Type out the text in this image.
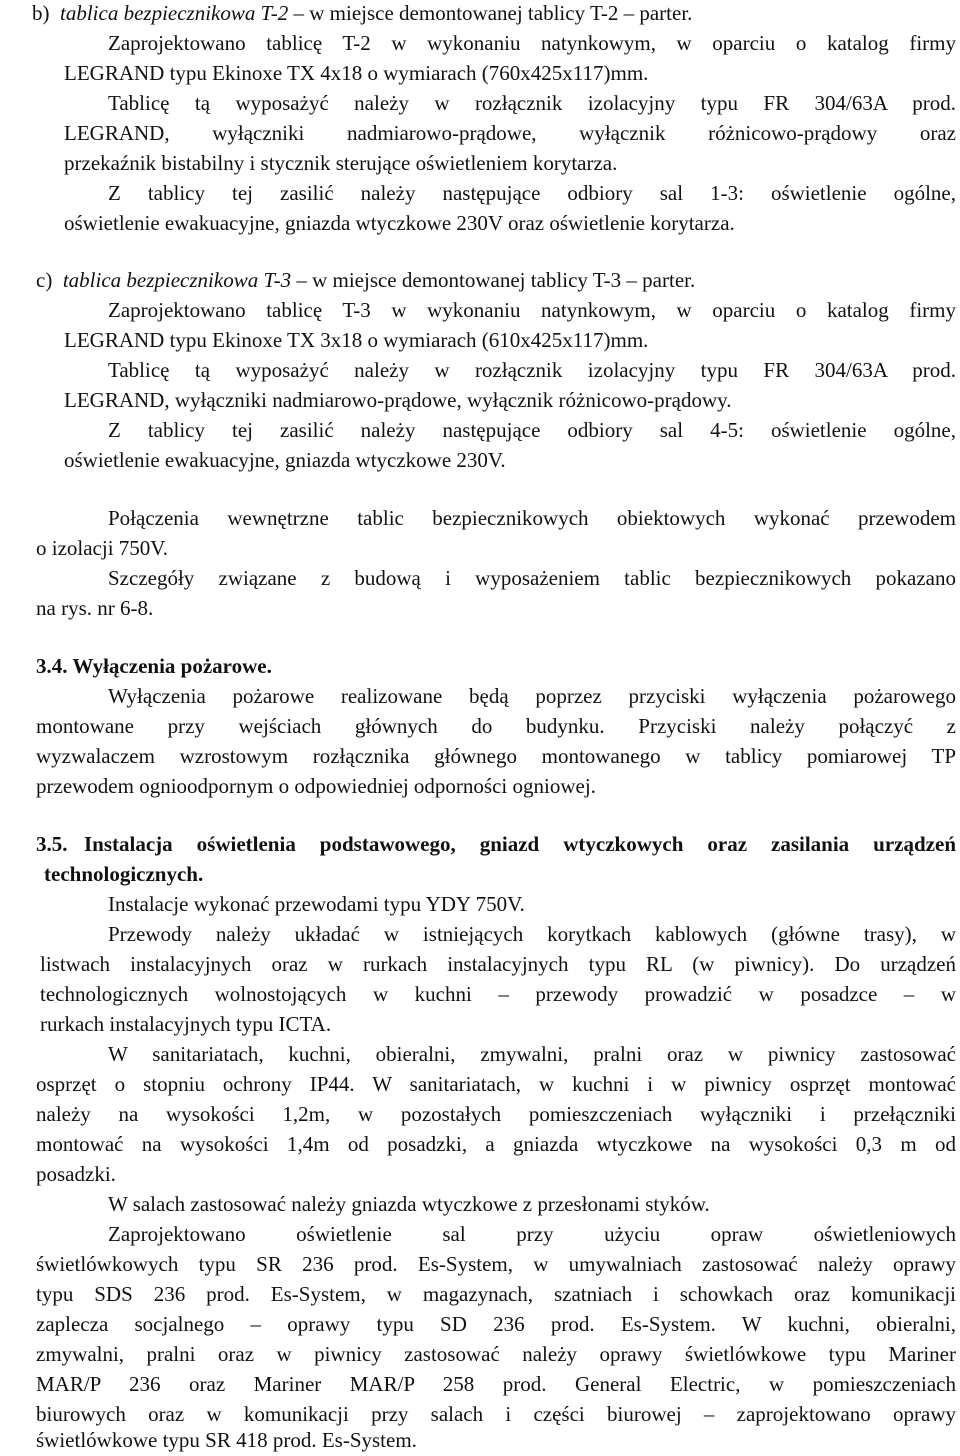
b) tablica bezpiecznikowa T-2 – w miejsce demontowanej tablicy T-2 – parter.
Zaprojektowano tablicę T-2 w wykonaniu natynkowym, w oparciu o katalog firmy
LEGRAND typu Ekinoxe TX 4x18 o wymiarach (760x425x117)mm.
Tablicę tą wyposażyć należy w rozłącznik izolacyjny typu FR 304/63A prod.
LEGRAND, wyłączniki nadmiarowo-prądowe, wyłącznik różnicowo-prądowy oraz
przekaźnik bistabilny i stycznik sterujące oświetleniem korytarza.
Z tablicy tej zasilić należy następujące odbiory sal 1-3: oświetlenie ogólne,
oświetlenie ewakuacyjne, gniazda wtyczkowe 230V oraz oświetlenie korytarza.
c) tablica bezpiecznikowa T-3 – w miejsce demontowanej tablicy T-3 – parter.
Zaprojektowano tablicę T-3 w wykonaniu natynkowym, w oparciu o katalog firmy
LEGRAND typu Ekinoxe TX 3x18 o wymiarach (610x425x117)mm.
Tablicę tą wyposażyć należy w rozłącznik izolacyjny typu FR 304/63A prod.
LEGRAND, wyłączniki nadmiarowo-prądowe, wyłącznik różnicowo-prądowy.
Z tablicy tej zasilić należy następujące odbiory sal 4-5: oświetlenie ogólne,
oświetlenie ewakuacyjne, gniazda wtyczkowe 230V.
Połączenia wewnętrzne tablic bezpiecznikowych obiektowych wykonać przewodem
o izolacji 750V.
Szczegóły związane z budową i wyposażeniem tablic bezpiecznikowych pokazano
na rys. nr 6-8.
3.4. Wyłączenia pożarowe.
Wyłączenia pożarowe realizowane będą poprzez przyciski wyłączenia pożarowego
montowane przy wejściach głównych do budynku. Przyciski należy połączyć z
wyzwalaczem wzrostowym rozłącznika głównego montowanego w tablicy pomiarowej TP
przewodem ognioodpornym o odpowiedniej odporności ogniowej.
3.5. Instalacja oświetlenia podstawowego, gniazd wtyczkowych oraz zasilania urządzeń
technologicznych.
Instalacje wykonać przewodami typu YDY 750V.
Przewody należy układać w istniejących korytkach kablowych (główne trasy), w
listwach instalacyjnych oraz w rurkach instalacyjnych typu RL (w piwnicy). Do urządzeń
technologicznych wolnostojących w kuchni – przewody prowadzić w posadzce – w
rurkach instalacyjnych typu ICTA.
W sanitariatach, kuchni, obieralni, zmywalni, pralni oraz w piwnicy zastosować
osprzęt o stopniu ochrony IP44. W sanitariatach, w kuchni i w piwnicy osprzęt montować
należy na wysokości 1,2m, w pozostałych pomieszczeniach wyłączniki i przełączniki
montować na wysokości 1,4m od posadzki, a gniazda wtyczkowe na wysokości 0,3 m od
posadzki.
W salach zastosować należy gniazda wtyczkowe z przesłonami styków.
Zaprojektowano oświetlenie sal przy użyciu opraw oświetleniowych
świetlówkowych typu SR 236 prod. Es-System, w umywalniach zastosować należy oprawy
typu SDS 236 prod. Es-System, w magazynach, szatniach i schowkach oraz komunikacji
zaplecza socjalnego – oprawy typu SD 236 prod. Es-System. W kuchni, obieralni,
zmywalni, pralni oraz w piwnicy zastosować należy oprawy świetlówkowe typu Mariner
MAR/P 236 oraz Mariner MAR/P 258 prod. General Electric, w pomieszczeniach
biurowych oraz w komunikacji przy salach i części biurowej – zaprojektowano oprawy
świetlówkowe typu SR 418 prod. Es-System.
